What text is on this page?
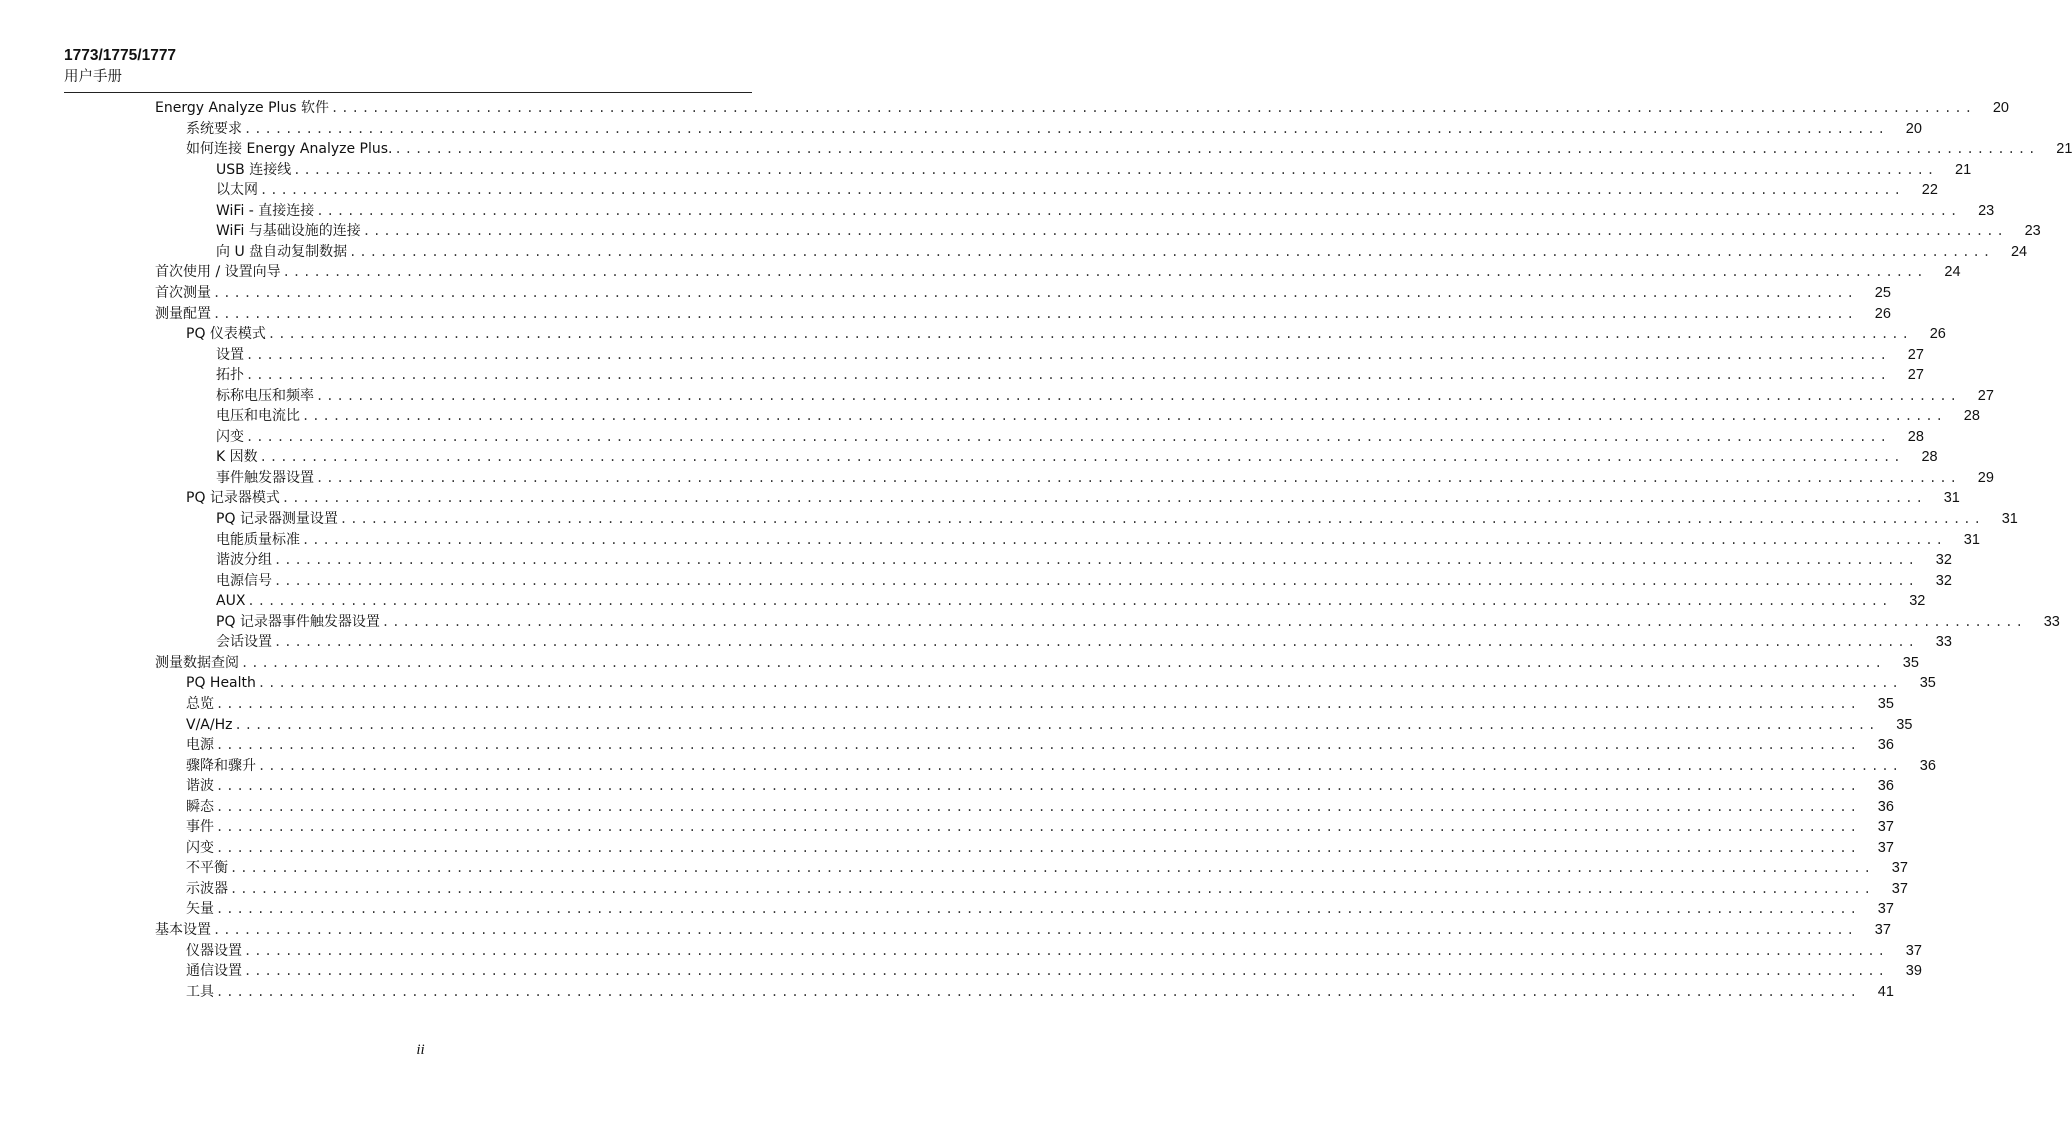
1773/1775/1777
用户手册
Energy Analyze Plus 软件 ................................................................................................................................................................	20
系统要求 ................................................................................................................................................................	20
如何连接 Energy Analyze Plus. ................................................................................................................................................................	21
USB 连接线 ................................................................................................................................................................	21
以太网 ................................................................................................................................................................	22
WiFi - 直接连接 ................................................................................................................................................................	23
WiFi 与基础设施的连接 ................................................................................................................................................................	23
向 U 盘自动复制数据 ................................................................................................................................................................	24
首次使用 / 设置向导 ................................................................................................................................................................	24
首次测量 ................................................................................................................................................................	25
测量配置 ................................................................................................................................................................	26
PQ 仪表模式 ................................................................................................................................................................	26
设置 ................................................................................................................................................................	27
拓扑 ................................................................................................................................................................	27
标称电压和频率 ................................................................................................................................................................	27
电压和电流比 ................................................................................................................................................................	28
闪变 ................................................................................................................................................................	28
K 因数 ................................................................................................................................................................	28
事件触发器设置 ................................................................................................................................................................	29
PQ 记录器模式 ................................................................................................................................................................	31
PQ 记录器测量设置 ................................................................................................................................................................	31
电能质量标准 ................................................................................................................................................................	31
谐波分组 ................................................................................................................................................................	32
电源信号 ................................................................................................................................................................	32
AUX ................................................................................................................................................................	32
PQ 记录器事件触发器设置 ................................................................................................................................................................	33
会话设置 ................................................................................................................................................................	33
测量数据查阅 ................................................................................................................................................................	35
PQ Health ................................................................................................................................................................	35
总览 ................................................................................................................................................................	35
V/A/Hz ................................................................................................................................................................	35
电源 ................................................................................................................................................................	36
骤降和骤升 ................................................................................................................................................................	36
谐波 ................................................................................................................................................................	36
瞬态 ................................................................................................................................................................	36
事件 ................................................................................................................................................................	37
闪变 ................................................................................................................................................................	37
不平衡 ................................................................................................................................................................	37
示波器 ................................................................................................................................................................	37
矢量 ................................................................................................................................................................	37
基本设置 ................................................................................................................................................................	37
仪器设置 ................................................................................................................................................................	37
通信设置 ................................................................................................................................................................	39
工具 ................................................................................................................................................................	41
ii
